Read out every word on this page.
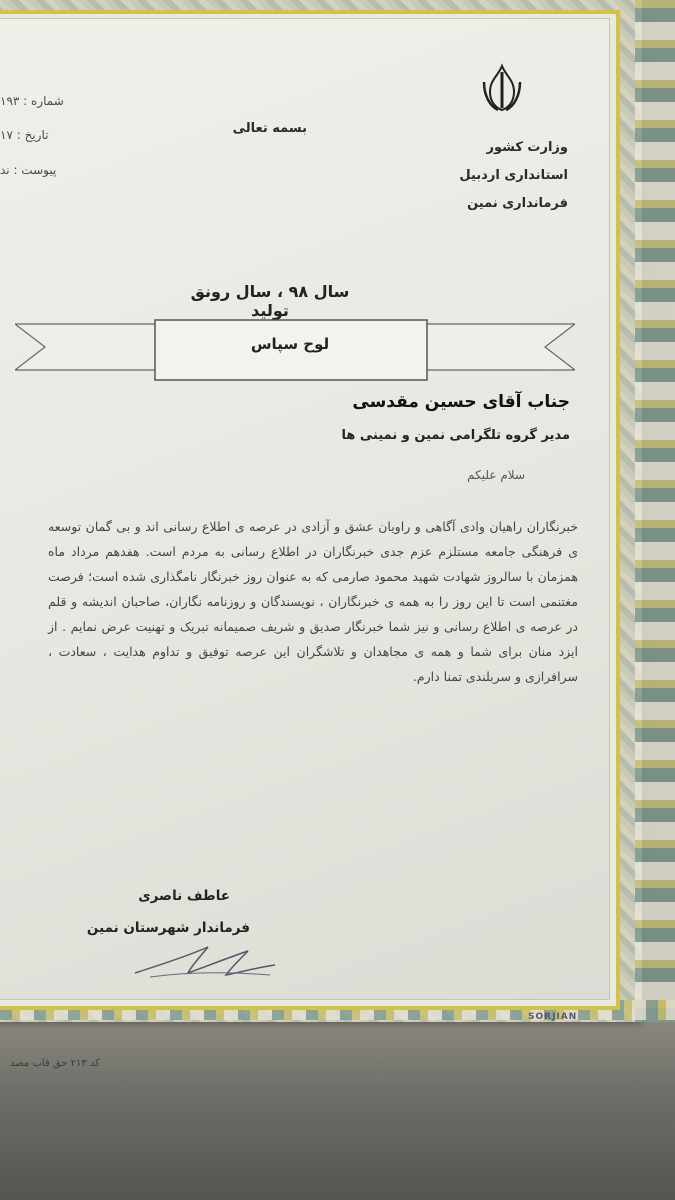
کد ۲۱۳ حق قاب مصد
وزارت کشور
استانداری اردبیل
فرمانداری نمین
بسمه تعالی
شماره : ۱۹۳
تاریخ : ۱۷
پیوست : ند
سال ۹۸ ، سال رونق تولید
لوح سپاس
جناب آقای حسین مقدسی
مدیر گروه تلگرامی نمین و نمینی ها
سلام علیکم
خبرنگاران راهیان وادی آگاهی و راویان عشق و آزادی در عرصه ی اطلاع رسانی اند و بی گمان توسعه ی فرهنگی جامعه مستلزم عزم جدی خبرنگاران در اطلاع رسانی به مردم است. هفدهم مرداد ماه همزمان با سالروز شهادت شهید محمود صارمی که به عنوان روز خبرنگار نامگذاری شده است؛ فرصت مغتنمی است تا این روز را به همه ی خبرنگاران ، نویسندگان و روزنامه نگاران، صاحبان اندیشه و قلم در عرصه ی اطلاع رسانی و نیز شما خبرنگار صدیق و شریف صمیمانه تبریک و تهنیت عرض نمایم . از ایزد منان برای شما و همه ی مجاهدان و تلاشگران این عرصه توفیق و تداوم هدایت ، سعادت ، سرافرازی و سربلندی تمنا دارم.
عاطف ناصری
فرماندار شهرستان نمین
SORJIAN
